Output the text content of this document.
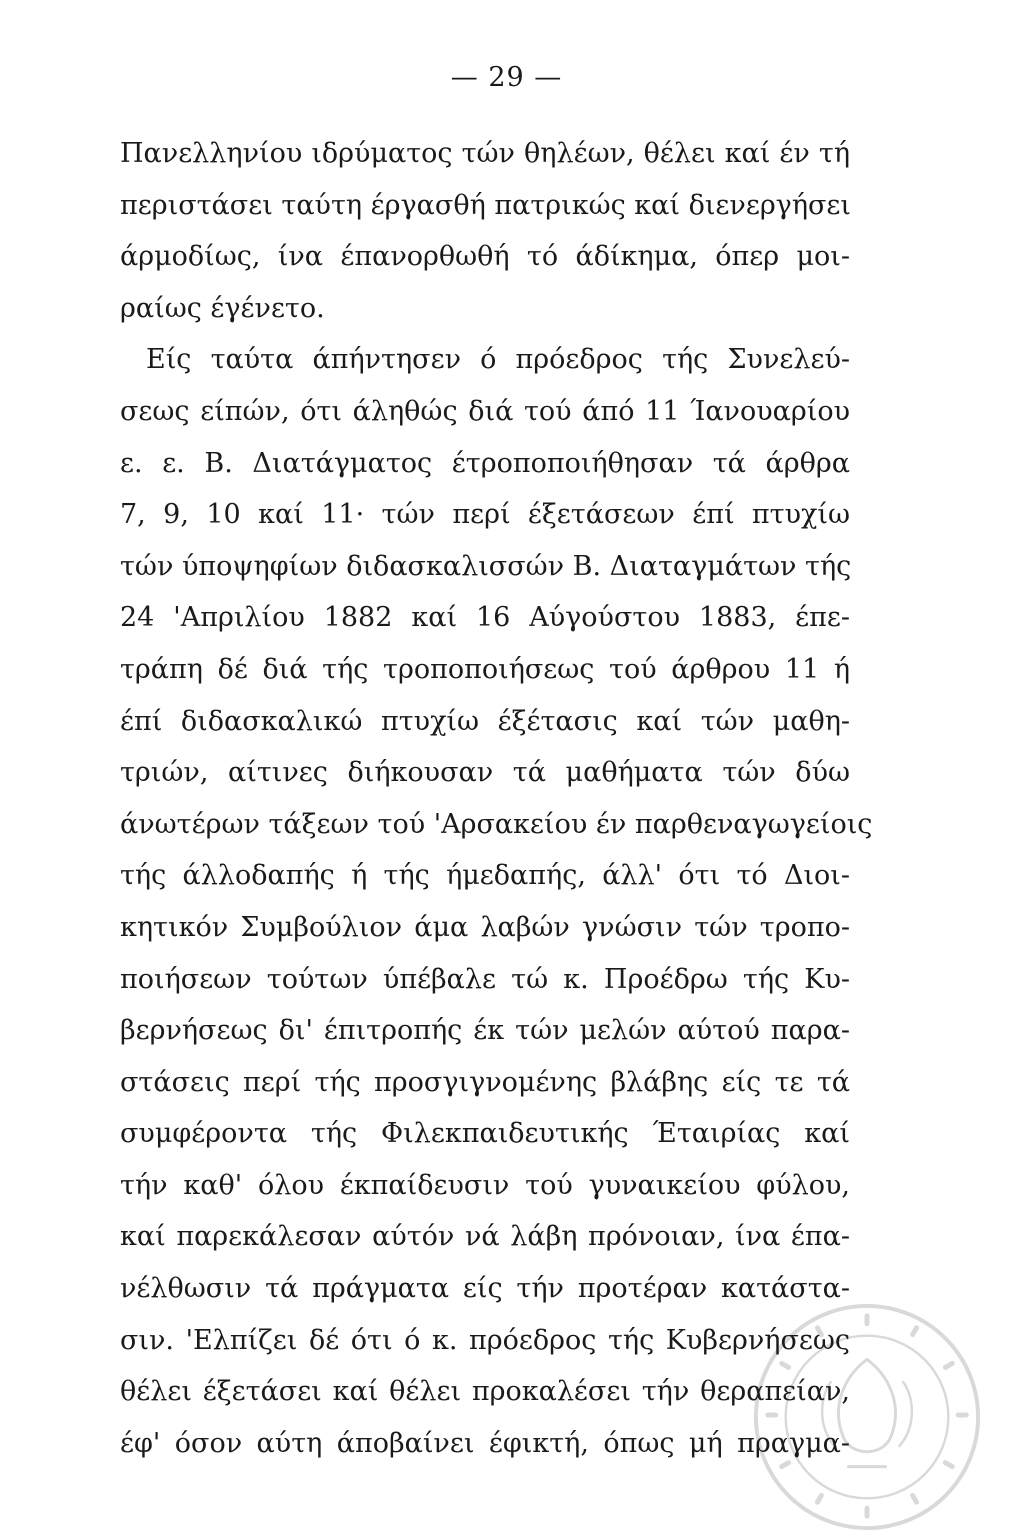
— 29 —
Πανελληνίου ιδρύματος τών θηλέων, θέλει καί έν τή
περιστάσει ταύτη έργασθή πατρικώς καί διενεργήσει
άρμοδίως, ίνα έπανορθωθή τό άδίκημα, όπερ μοι-
ραίως έγένετο.
Είς ταύτα άπήντησεν ό πρόεδρος τής Συνελεύ-
σεως είπών, ότι άληθώς διά τού άπό 11 Ίανουαρίου
ε. ε. Β. Διατάγματος έτροποποιήθησαν τά άρθρα
7, 9, 10 καί 11· τών περί έξετάσεων έπί πτυχίω
τών ύποψηφίων διδασκαλισσών Β. Διαταγμάτων τής
24 'Απριλίου 1882 καί 16 Αύγούστου 1883, έπε-
τράπη δέ διά τής τροποποιήσεως τού άρθρου 11 ή
έπί διδασκαλικώ πτυχίω έξέτασις καί τών μαθη-
τριών, αίτινες διήκουσαν τά μαθήματα τών δύω
άνωτέρων τάξεων τού 'Αρσακείου έν παρθεναγωγείοις
τής άλλοδαπής ή τής ήμεδαπής, άλλ' ότι τό Διοι-
κητικόν Συμβούλιον άμα λαβών γνώσιν τών τροπο-
ποιήσεων τούτων ύπέβαλε τώ κ. Προέδρω τής Κυ-
βερνήσεως δι' έπιτροπής έκ τών μελών αύτού παρα-
στάσεις περί τής προσγιγνομένης βλάβης είς τε τά
συμφέροντα τής Φιλεκπαιδευτικής Έταιρίας καί
τήν καθ' όλου έκπαίδευσιν τού γυναικείου φύλου,
καί παρεκάλεσαν αύτόν νά λάβη πρόνοιαν, ίνα έπα-
νέλθωσιν τά πράγματα είς τήν προτέραν κατάστα-
σιν. 'Ελπίζει δέ ότι ό κ. πρόεδρος τής Κυβερνήσεως
θέλει έξετάσει καί θέλει προκαλέσει τήν θεραπείαν,
έφ' όσον αύτη άποβαίνει έφικτή, όπως μή πραγμα-
